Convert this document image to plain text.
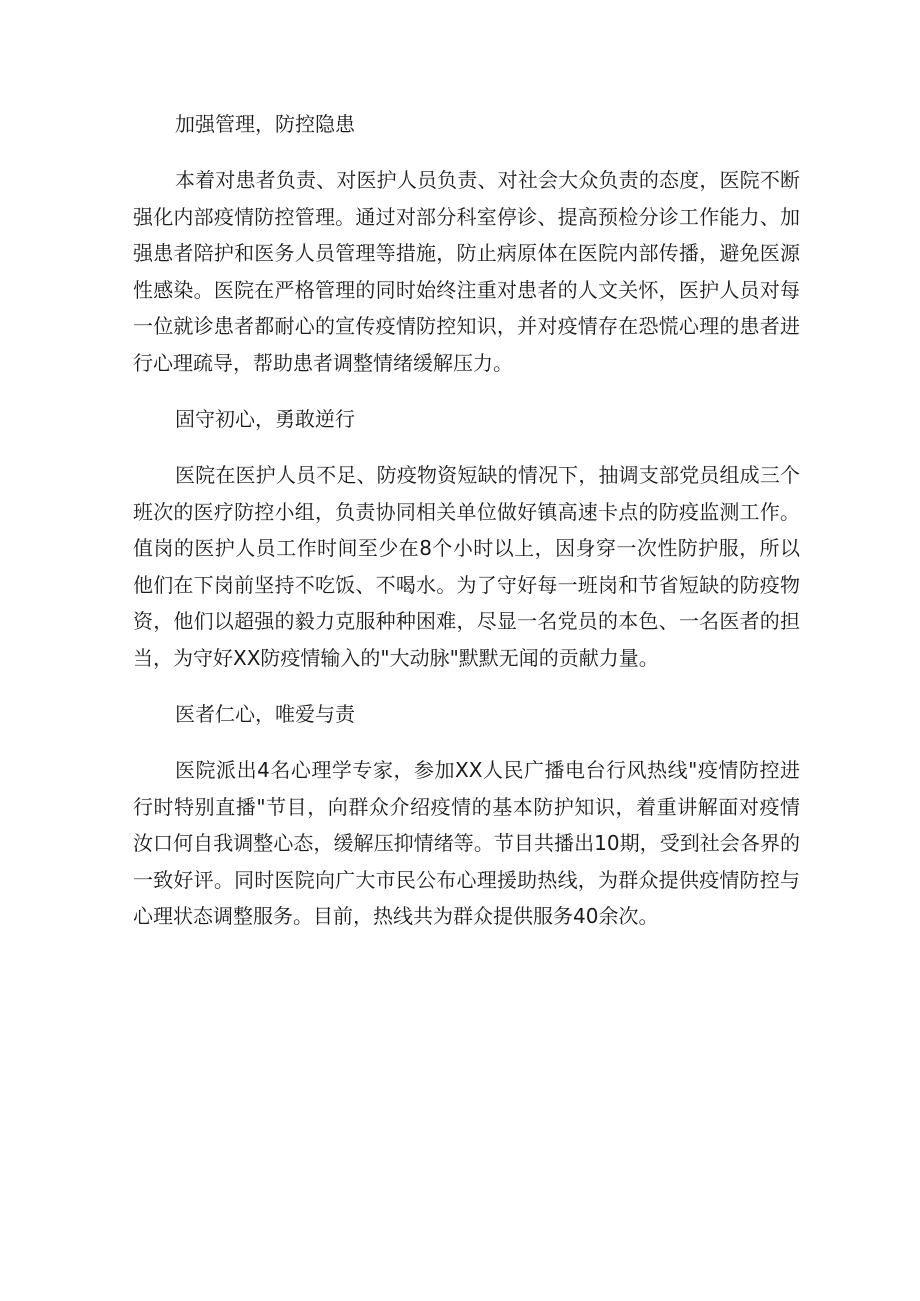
加强管理，防控隐患

本着对患者负责、对医护人员负责、对社会大众负责的态度，医院不断强化内部疫情防控管理。通过对部分科室停诊、提高预检分诊工作能力、加强患者陪护和医务人员管理等措施，防止病原体在医院内部传播，避免医源性感染。医院在严格管理的同时始终注重对患者的人文关怀，医护人员对每一位就诊患者都耐心的宣传疫情防控知识，并对疫情存在恐慌心理的患者进行心理疏导，帮助患者调整情绪缓解压力。

固守初心，勇敢逆行

医院在医护人员不足、防疫物资短缺的情况下，抽调支部党员组成三个班次的医疗防控小组，负责协同相关单位做好镇高速卡点的防疫监测工作。值岗的医护人员工作时间至少在8个小时以上，因身穿一次性防护服，所以他们在下岗前坚持不吃饭、不喝水。为了守好每一班岗和节省短缺的防疫物资，他们以超强的毅力克服种种困难，尽显一名党员的本色、一名医者的担当，为守好XX防疫情输入的"大动脉"默默无闻的贡献力量。

医者仁心，唯爱与责

医院派出4名心理学专家，参加XX人民广播电台行风热线"疫情防控进行时特别直播"节目，向群众介绍疫情的基本防护知识，着重讲解面对疫情汝口何自我调整心态，缓解压抑情绪等。节目共播出10期，受到社会各界的一致好评。同时医院向广大市民公布心理援助热线，为群众提供疫情防控与心理状态调整服务。目前，热线共为群众提供服务40余次。
